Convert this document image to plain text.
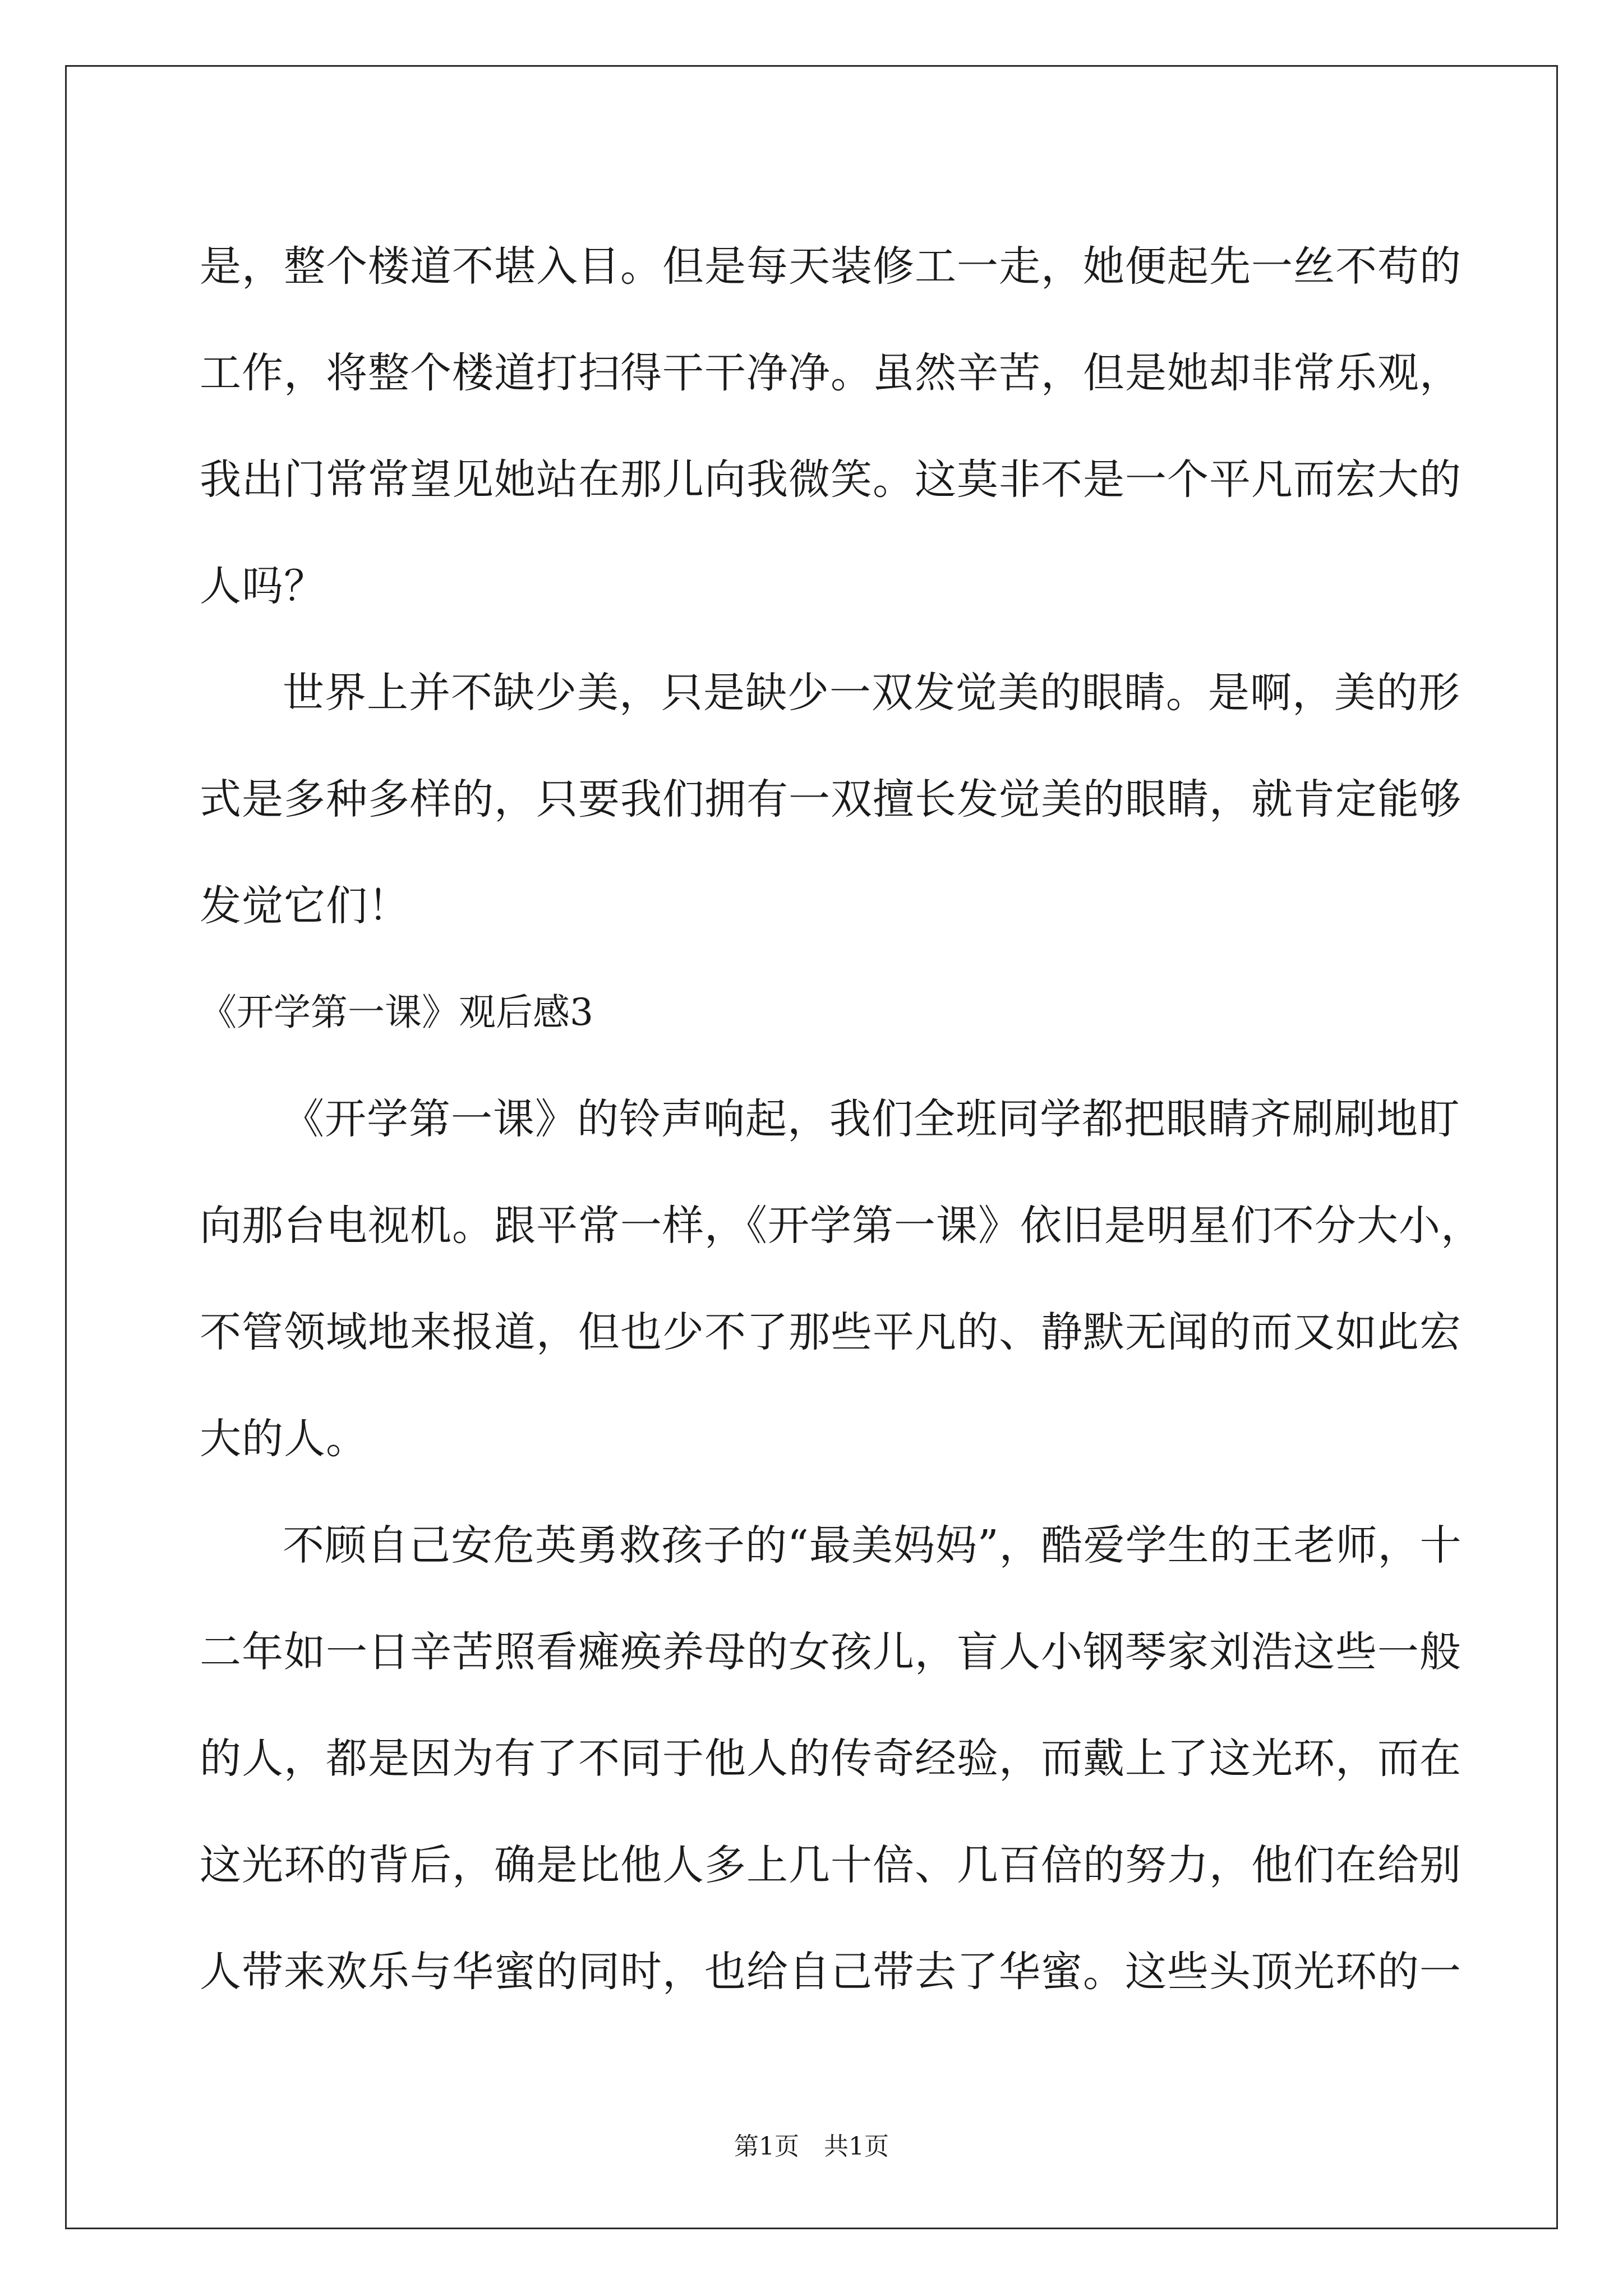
是，整个楼道不堪入目。但是每天装修工一走，她便起先一丝不苟的
工作，将整个楼道打扫得干干净净。虽然辛苦，但是她却非常乐观，
我出门常常望见她站在那儿向我微笑。这莫非不是一个平凡而宏大的
人吗？
世界上并不缺少美，只是缺少一双发觉美的眼睛。是啊，美的形
式是多种多样的，只要我们拥有一双擅长发觉美的眼睛，就肯定能够
发觉它们！
《开学第一课》观后感3
《开学第一课》的铃声响起，我们全班同学都把眼睛齐刷刷地盯
向那台电视机。跟平常一样，《开学第一课》依旧是明星们不分大小，
不管领域地来报道，但也少不了那些平凡的、静默无闻的而又如此宏
大的人。
不顾自己安危英勇救孩子的“最美妈妈”，酷爱学生的王老师，十
二年如一日辛苦照看瘫痪养母的女孩儿，盲人小钢琴家刘浩这些一般
的人，都是因为有了不同于他人的传奇经验，而戴上了这光环，而在
这光环的背后，确是比他人多上几十倍、几百倍的努力，他们在给别
人带来欢乐与华蜜的同时，也给自己带去了华蜜。这些头顶光环的一
第1页　共1页
